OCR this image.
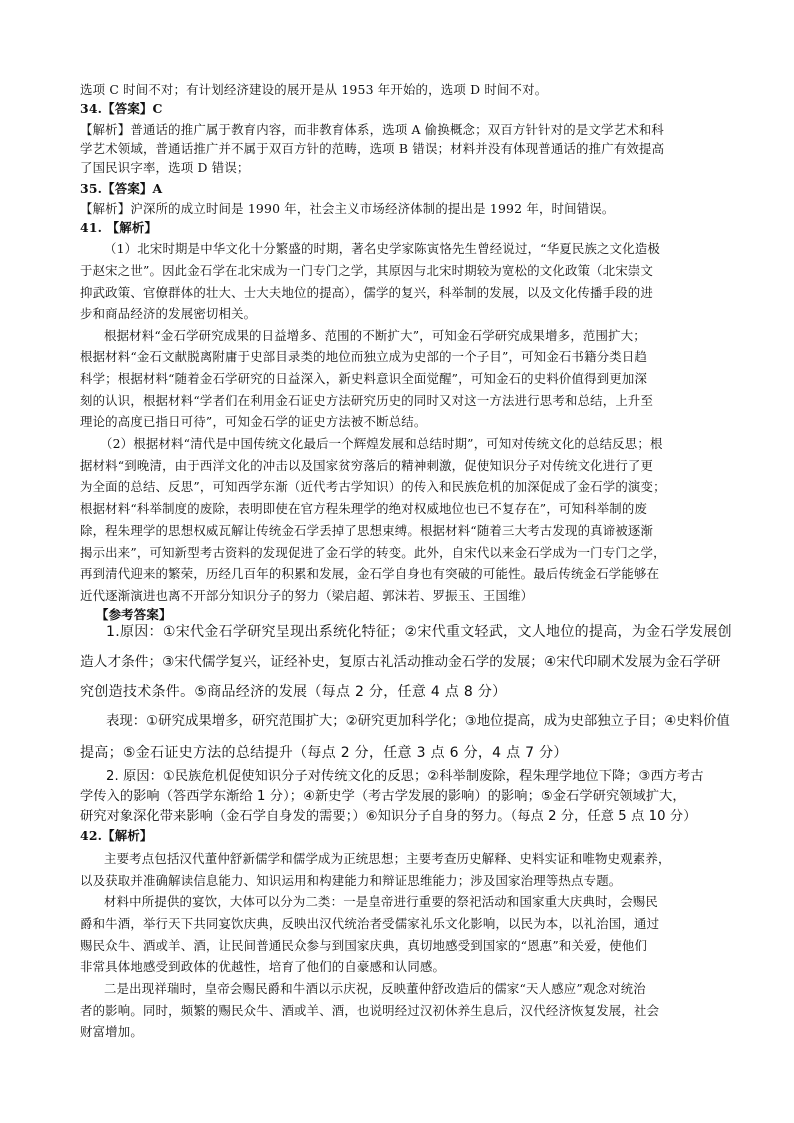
选项 C 时间不对；有计划经济建设的展开是从 1953 年开始的，选项 D 时间不对。
34.【答案】C
【解析】普通话的推广属于教育内容，而非教育体系，选项 A 偷换概念；双百方针针对的是文学艺术和科
学艺术领域，普通话推广并不属于双百方针的范畴，选项 B 错误；材料并没有体现普通话的推广有效提高
了国民识字率，选项 D 错误；
35.【答案】A
【解析】沪深所的成立时间是 1990 年，社会主义市场经济体制的提出是 1992 年，时间错误。
41. 【解析】
（1）北宋时期是中华文化十分繁盛的时期，著名史学家陈寅恪先生曾经说过，“华夏民族之文化造极
于赵宋之世”。因此金石学在北宋成为一门专门之学，其原因与北宋时期较为宽松的文化政策（北宋崇文
抑武政策、官僚群体的壮大、士大夫地位的提高），儒学的复兴，科举制的发展，以及文化传播手段的进
步和商品经济的发展密切相关。
根据材料“金石学研究成果的日益增多、范围的不断扩大”，可知金石学研究成果增多，范围扩大；
根据材料“金石文献脱离附庸于史部目录类的地位而独立成为史部的一个子目”，可知金石书籍分类日趋
科学；根据材料“随着金石学研究的日益深入，新史料意识全面觉醒”，可知金石的史料价值得到更加深
刻的认识，根据材料“学者们在利用金石证史方法研究历史的同时又对这一方法进行思考和总结，上升至
理论的高度已指日可待”，可知金石学的证史方法被不断总结。
（2）根据材料“清代是中国传统文化最后一个辉煌发展和总结时期”，可知对传统文化的总结反思；根
据材料“到晚清，由于西洋文化的冲击以及国家贫穷落后的精神刺激，促使知识分子对传统文化进行了更
为全面的总结、反思”，可知西学东渐（近代考古学知识）的传入和民族危机的加深促成了金石学的演变；
根据材料“科举制度的废除，表明即使在官方程朱理学的绝对权威地位也已不复存在”，可知科举制的废
除，程朱理学的思想权威瓦解让传统金石学丢掉了思想束缚。根据材料“随着三大考古发现的真谛被逐渐
揭示出来”，可知新型考古资料的发现促进了金石学的转变。此外，自宋代以来金石学成为一门专门之学，
再到清代迎来的繁荣，历经几百年的积累和发展，金石学自身也有突破的可能性。最后传统金石学能够在
近代逐渐演进也离不开部分知识分子的努力（梁启超、郭沫若、罗振玉、王国维）
【参考答案】
1.原因：①宋代金石学研究呈现出系统化特征；②宋代重文轻武，文人地位的提高，为金石学发展创
造人才条件；③宋代儒学复兴，证经补史，复原古礼活动推动金石学的发展；④宋代印刷术发展为金石学研
究创造技术条件。⑤商品经济的发展（每点 2 分，任意 4 点 8 分）
表现：①研究成果增多，研究范围扩大；②研究更加科学化；③地位提高，成为史部独立子目；④史料价值
提高；⑤金石证史方法的总结提升（每点 2 分，任意 3 点 6 分，4 点 7 分）
2. 原因：①民族危机促使知识分子对传统文化的反思；②科举制废除，程朱理学地位下降；③西方考古
学传入的影响（答西学东渐给 1 分）；④新史学（考古学发展的影响）的影响；⑤金石学研究领域扩大，
研究对象深化带来影响（金石学自身发的需要；）⑥知识分子自身的努力。（每点 2 分，任意 5 点 10 分）
42.【解析】
主要考点包括汉代董仲舒新儒学和儒学成为正统思想；主要考查历史解释、史料实证和唯物史观素养，
以及获取并准确解读信息能力、知识运用和构建能力和辩证思维能力；涉及国家治理等热点专题。
材料中所提供的宴饮，大体可以分为二类：一是皇帝进行重要的祭祀活动和国家重大庆典时，会赐民
爵和牛酒，举行天下共同宴饮庆典，反映出汉代统治者受儒家礼乐文化影响，以民为本，以礼治国，通过
赐民众牛、酒或羊、酒，让民间普通民众参与到国家庆典，真切地感受到国家的“恩惠”和关爱，使他们
非常具体地感受到政体的优越性，培育了他们的自豪感和认同感。
二是出现祥瑞时，皇帝会赐民爵和牛酒以示庆祝，反映董仲舒改造后的儒家“天人感应”观念对统治
者的影响。同时，频繁的赐民众牛、酒或羊、酒，也说明经过汉初休养生息后，汉代经济恢复发展，社会
财富增加。
